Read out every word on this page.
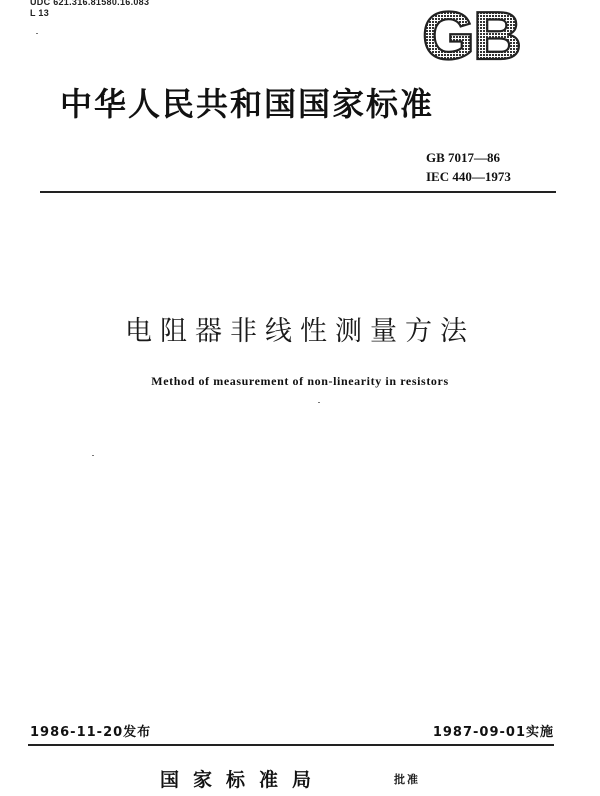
UDC 621.316.81580.16.083
L 13	GB
中华人民共和国国家标准
GB 7017—86
IEC 440—1973
电阻器非线性测量方法
Method of measurement of non-linearity in resistors
1986-11-20发布	1987-09-01实施
国家标准局	批准
